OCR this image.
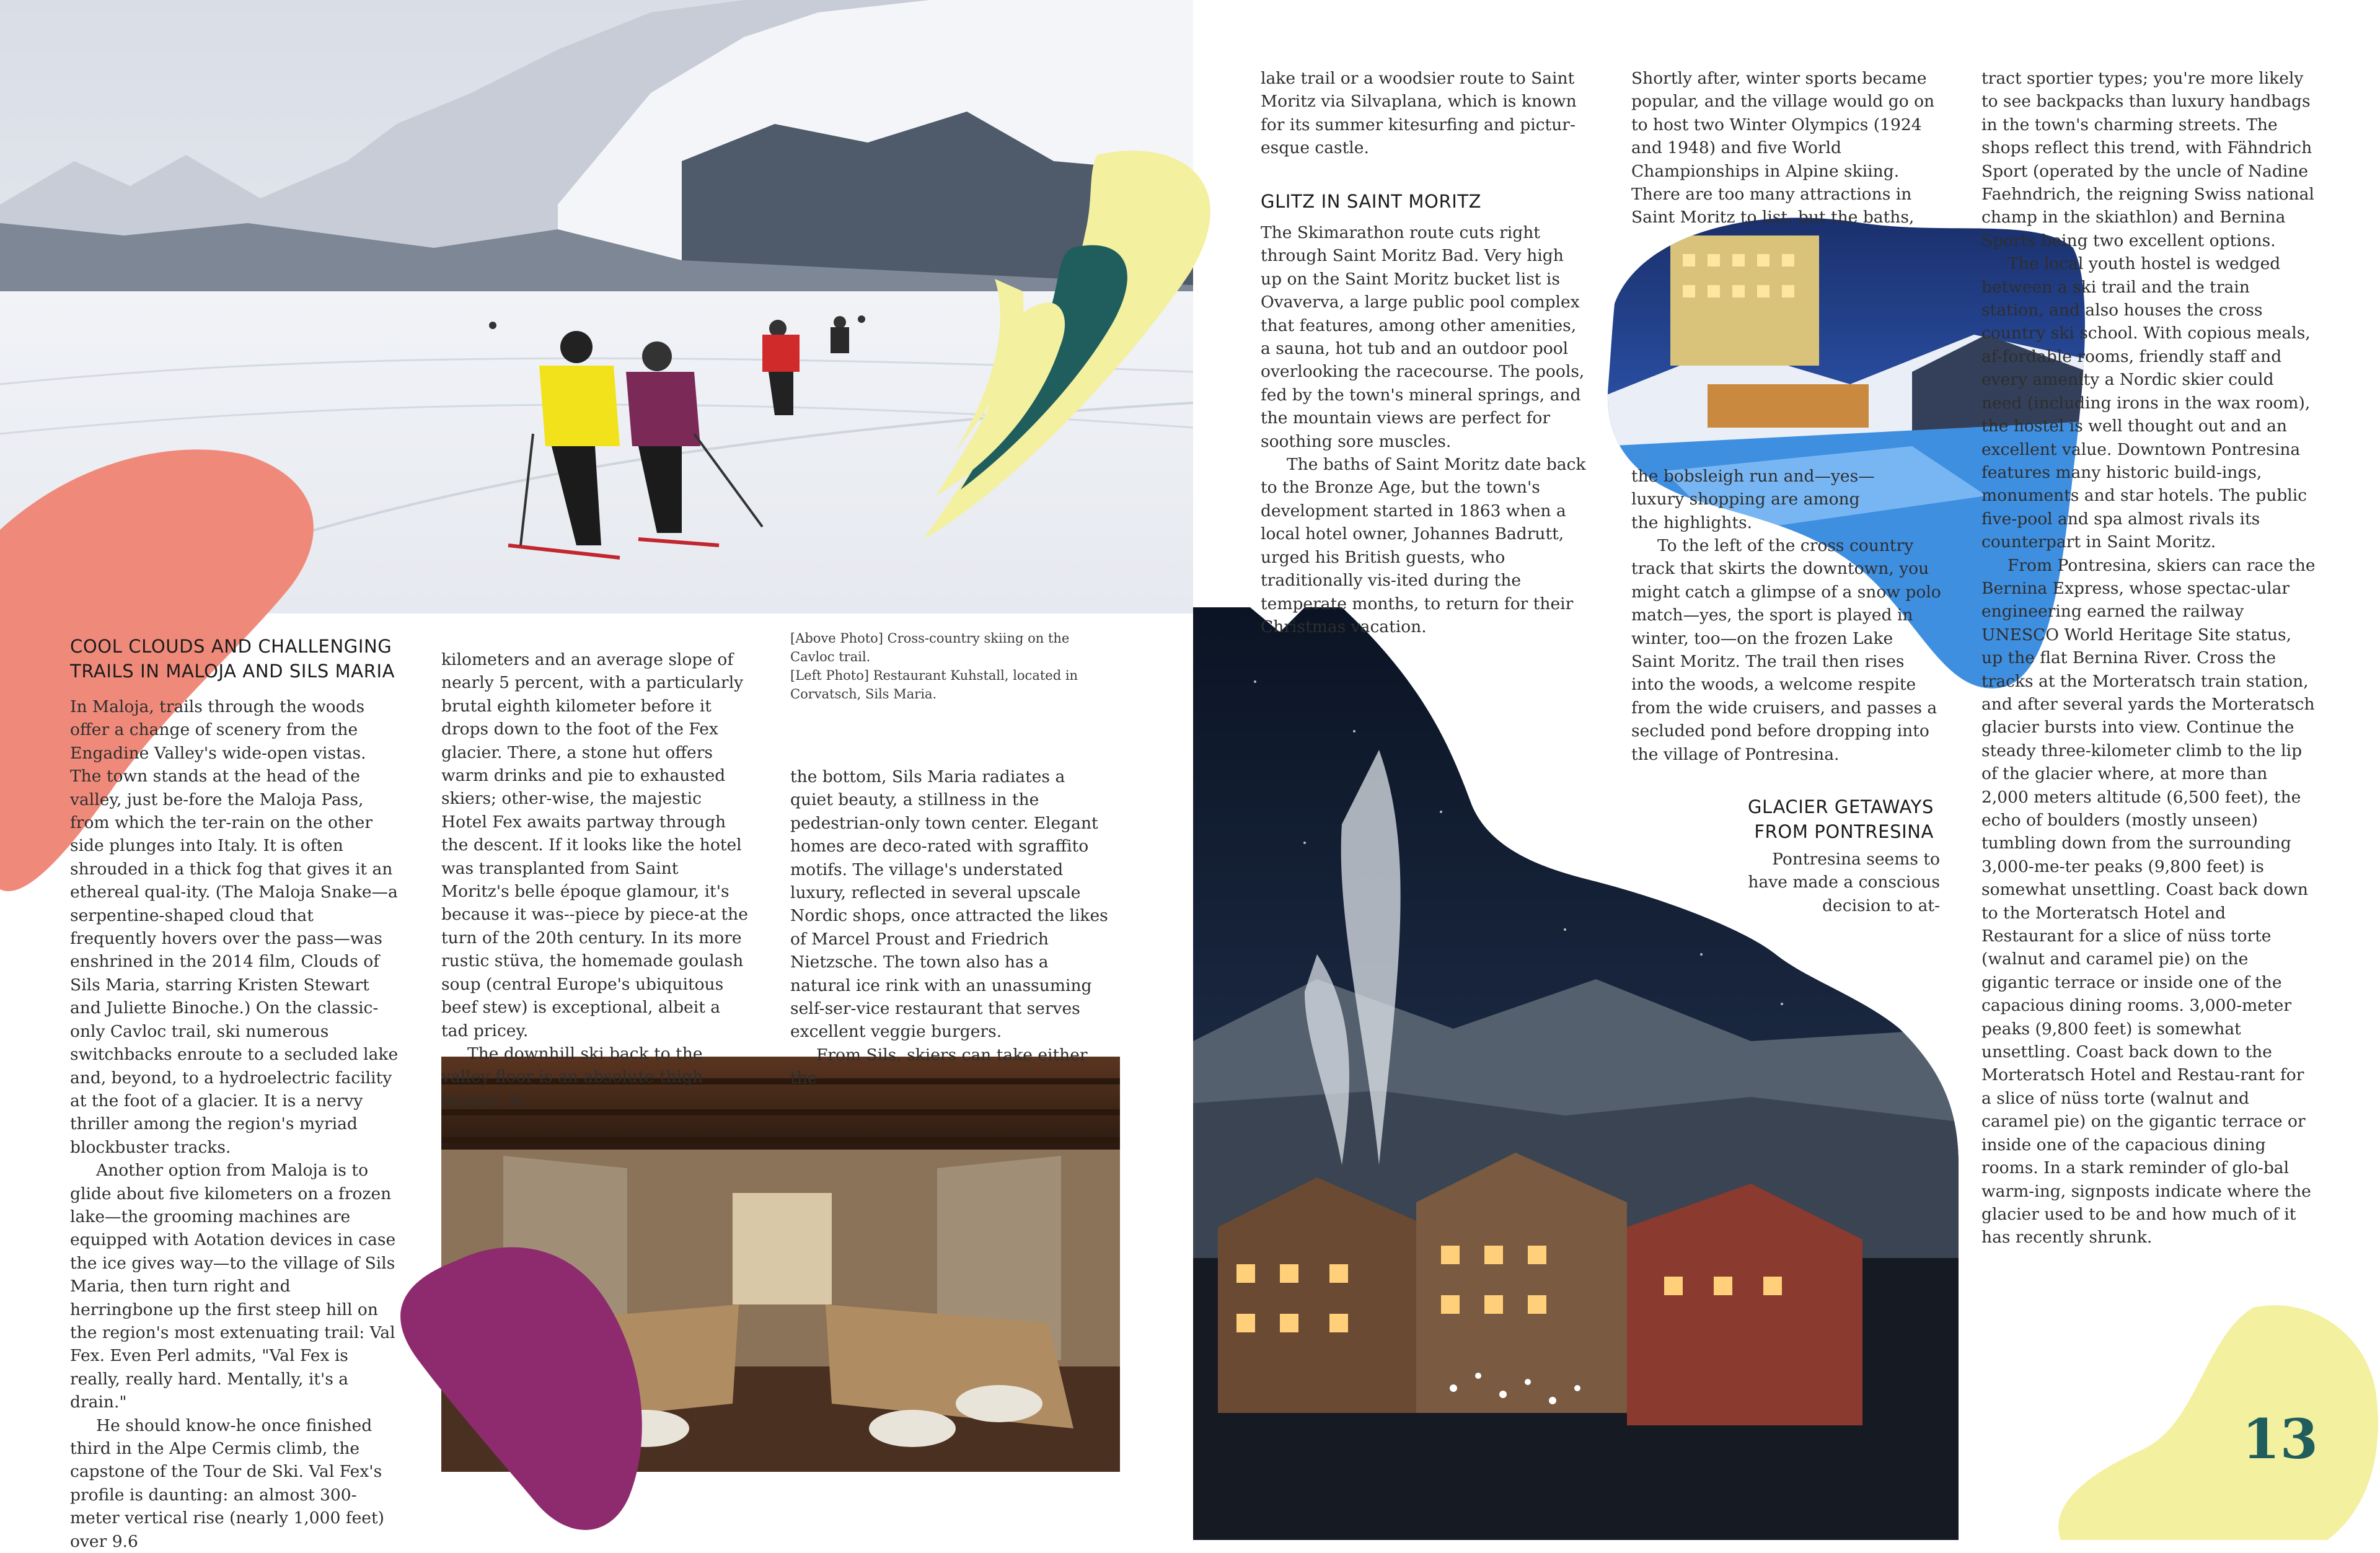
COOL CLOUDS AND CHALLENGING
TRAILS IN MALOJA AND SILS MARIA

In Maloja, trails through the woods offer a change of scenery from the Engadine Valley's wide-open vistas. The town stands at the head of the valley, just be-fore the Maloja Pass, from which the ter-rain on the other side plunges into Italy. It is often shrouded in a thick fog that gives it an ethereal qual-ity. (The Maloja Snake—a serpentine-shaped cloud that frequently hovers over the pass—was enshrined in the 2014 film, Clouds of Sils Maria, starring Kristen Stewart and Juliette Binoche.) On the classic-only Cavloc trail, ski numerous switchbacks enroute to a secluded lake and, beyond, to a hydroelectric facility at the foot of a glacier. It is a nervy thriller among the region's myriad blockbuster tracks.

Another option from Maloja is to glide about five kilometers on a frozen lake—the grooming machines are equipped with Aotation devices in case the ice gives way—to the village of Sils Maria, then turn right and herringbone up the first steep hill on the region's most extenuating trail: Val Fex. Even Perl admits, "Val Fex is really, really hard. Mentally, it's a drain."

He should know-he once finished third in the Alpe Cermis climb, the capstone of the Tour de Ski. Val Fex's profile is daunting: an almost 300-meter vertical rise (nearly 1,000 feet) over 9.6

kilometers and an average slope of nearly 5 percent, with a particularly brutal eighth kilometer before it drops down to the foot of the Fex glacier. There, a stone hut offers warm drinks and pie to exhausted skiers; other-wise, the majestic Hotel Fex awaits partway through the descent. If it looks like the hotel was transplanted from Saint Moritz's belle époque glamour, it's because it was--piece by piece-at the turn of the 20th century. In its more rustic stüva, the homemade goulash soup (central Europe's ubiquitous beef stew) is exceptional, albeit a tad pricey.

The downhill ski back to the valley floor is an absolute thigh burner. At

[Above Photo] Cross-country skiing on the Cavloc trail.

[Left Photo] Restaurant Kuhstall, located in Corvatsch, Sils Maria.

the bottom, Sils Maria radiates a quiet beauty, a stillness in the pedestrian-only town center. Elegant homes are deco-rated with sgraffito motifs. The village's understated luxury, reflected in several upscale Nordic shops, once attracted the likes of Marcel Proust and Friedrich Nietzsche. The town also has a natural ice rink with an unassuming self-ser-vice restaurant that serves excellent veggie burgers.

From Sils, skiers can take either the

lake trail or a woodsier route to Saint Moritz via Silvaplana, which is known for its summer kitesurfing and pictur-esque castle.

GLITZ IN SAINT MORITZ

The Skimarathon route cuts right through Saint Moritz Bad. Very high up on the Saint Moritz bucket list is Ovaverva, a large public pool complex that features, among other amenities, a sauna, hot tub and an outdoor pool overlooking the racecourse. The pools, fed by the town's mineral springs, and the mountain views are perfect for soothing sore muscles.

The baths of Saint Moritz date back to the Bronze Age, but the town's development started in 1863 when a local hotel owner, Johannes Badrutt, urged his British guests, who traditionally vis-ited during the temperate months, to return for their Christmas vacation.

Shortly after, winter sports became popular, and the village would go on to host two Winter Olympics (1924 and 1948) and five World Championships in Alpine skiing. There are too many attractions in Saint Moritz to list, but the baths,

the bobsleigh run and—yes—luxury shopping are among the highlights.

To the left of the cross country track that skirts the downtown, you might catch a glimpse of a snow polo match—yes, the sport is played in winter, too—on the frozen Lake Saint Moritz. The trail then rises into the woods, a welcome respite from the wide cruisers, and passes a secluded pond before dropping into the village of Pontresina.

GLACIER GETAWAYS
FROM PONTRESINA

Pontresina seems to have made a conscious decision to at-

tract sportier types; you're more likely to see backpacks than luxury handbags in the town's charming streets. The shops reflect this trend, with Fähndrich Sport (operated by the uncle of Nadine Faehndrich, the reigning Swiss national champ in the skiathlon) and Bernina Sports being two excellent options.

The local youth hostel is wedged between a ski trail and the train station, and also houses the cross country ski school. With copious meals, af-fordable rooms, friendly staff and every amenity a Nordic skier could need (including irons in the wax room), the hostel is well thought out and an excellent value. Downtown Pontresina features many historic build-ings, monuments and star hotels. The public five-pool and spa almost rivals its counterpart in Saint Moritz.

From Pontresina, skiers can race the Bernina Express, whose spectac-ular engineering earned the railway UNESCO World Heritage Site status, up the flat Bernina River. Cross the tracks at the Morteratsch train station, and after several yards the Morteratsch glacier bursts into view. Continue the steady three-kilometer climb to the lip of the glacier where, at more than 2,000 meters altitude (6,500 feet), the echo of boulders (mostly unseen) tumbling down from the surrounding 3,000-me-ter peaks (9,800 feet) is somewhat unsettling. Coast back down to the Morteratsch Hotel and Restaurant for a slice of nüss torte (walnut and caramel pie) on the gigantic terrace or inside one of the capacious dining rooms. 3,000-meter peaks (9,800 feet) is somewhat unsettling. Coast back down to the Morteratsch Hotel and Restau-rant for a slice of nüss torte (walnut and caramel pie) on the gigantic terrace or inside one of the capacious dining rooms. In a stark reminder of glo-bal warm-ing, signposts indicate where the glacier used to be and how much of it has recently shrunk.

13
